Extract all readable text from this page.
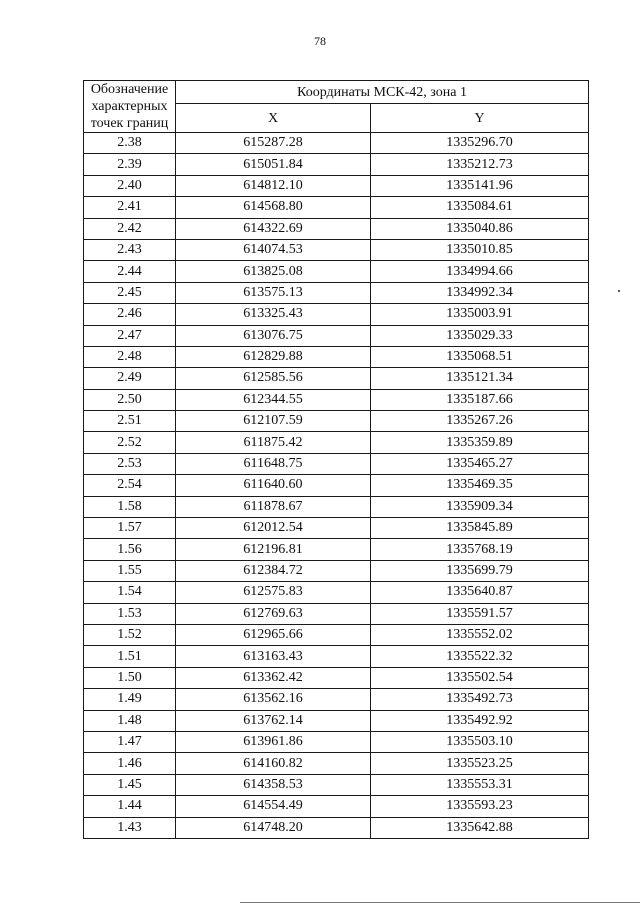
78
Обозначение характерных точек границ	Координаты МСК-42, зона 1	
	X	Y
2.38	615287.28	1335296.70
2.39	615051.84	1335212.73
2.40	614812.10	1335141.96
2.41	614568.80	1335084.61
2.42	614322.69	1335040.86
2.43	614074.53	1335010.85
2.44	613825.08	1334994.66
2.45	613575.13	1334992.34
2.46	613325.43	1335003.91
2.47	613076.75	1335029.33
2.48	612829.88	1335068.51
2.49	612585.56	1335121.34
2.50	612344.55	1335187.66
2.51	612107.59	1335267.26
2.52	611875.42	1335359.89
2.53	611648.75	1335465.27
2.54	611640.60	1335469.35
1.58	611878.67	1335909.34
1.57	612012.54	1335845.89
1.56	612196.81	1335768.19
1.55	612384.72	1335699.79
1.54	612575.83	1335640.87
1.53	612769.63	1335591.57
1.52	612965.66	1335552.02
1.51	613163.43	1335522.32
1.50	613362.42	1335502.54
1.49	613562.16	1335492.73
1.48	613762.14	1335492.92
1.47	613961.86	1335503.10
1.46	614160.82	1335523.25
1.45	614358.53	1335553.31
1.44	614554.49	1335593.23
1.43	614748.20	1335642.88
